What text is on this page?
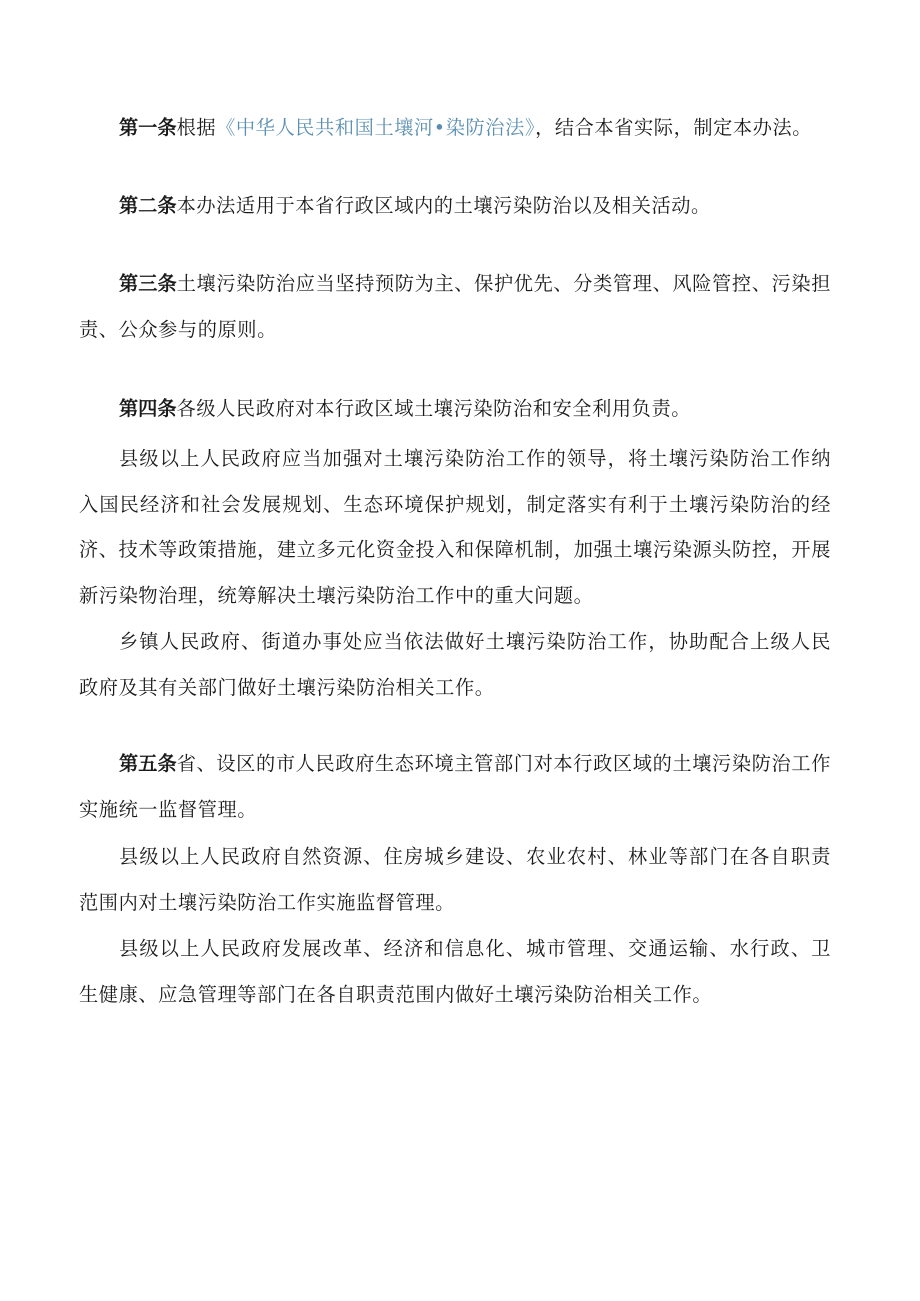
第一条根据《中华人民共和国土壤河•染防治法》，结合本省实际，制定本办法。

第二条本办法适用于本省行政区域内的土壤污染防治以及相关活动。

第三条土壤污染防治应当坚持预防为主、保护优先、分类管理、风险管控、污染担责、公众参与的原则。

第四条各级人民政府对本行政区域土壤污染防治和安全利用负责。

县级以上人民政府应当加强对土壤污染防治工作的领导，将土壤污染防治工作纳入国民经济和社会发展规划、生态环境保护规划，制定落实有利于土壤污染防治的经济、技术等政策措施，建立多元化资金投入和保障机制，加强土壤污染源头防控，开展新污染物治理，统筹解决土壤污染防治工作中的重大问题。

乡镇人民政府、街道办事处应当依法做好土壤污染防治工作，协助配合上级人民政府及其有关部门做好土壤污染防治相关工作。

第五条省、设区的市人民政府生态环境主管部门对本行政区域的土壤污染防治工作实施统一监督管理。

县级以上人民政府自然资源、住房城乡建设、农业农村、林业等部门在各自职责范围内对土壤污染防治工作实施监督管理。

县级以上人民政府发展改革、经济和信息化、城市管理、交通运输、水行政、卫生健康、应急管理等部门在各自职责范围内做好土壤污染防治相关工作。
